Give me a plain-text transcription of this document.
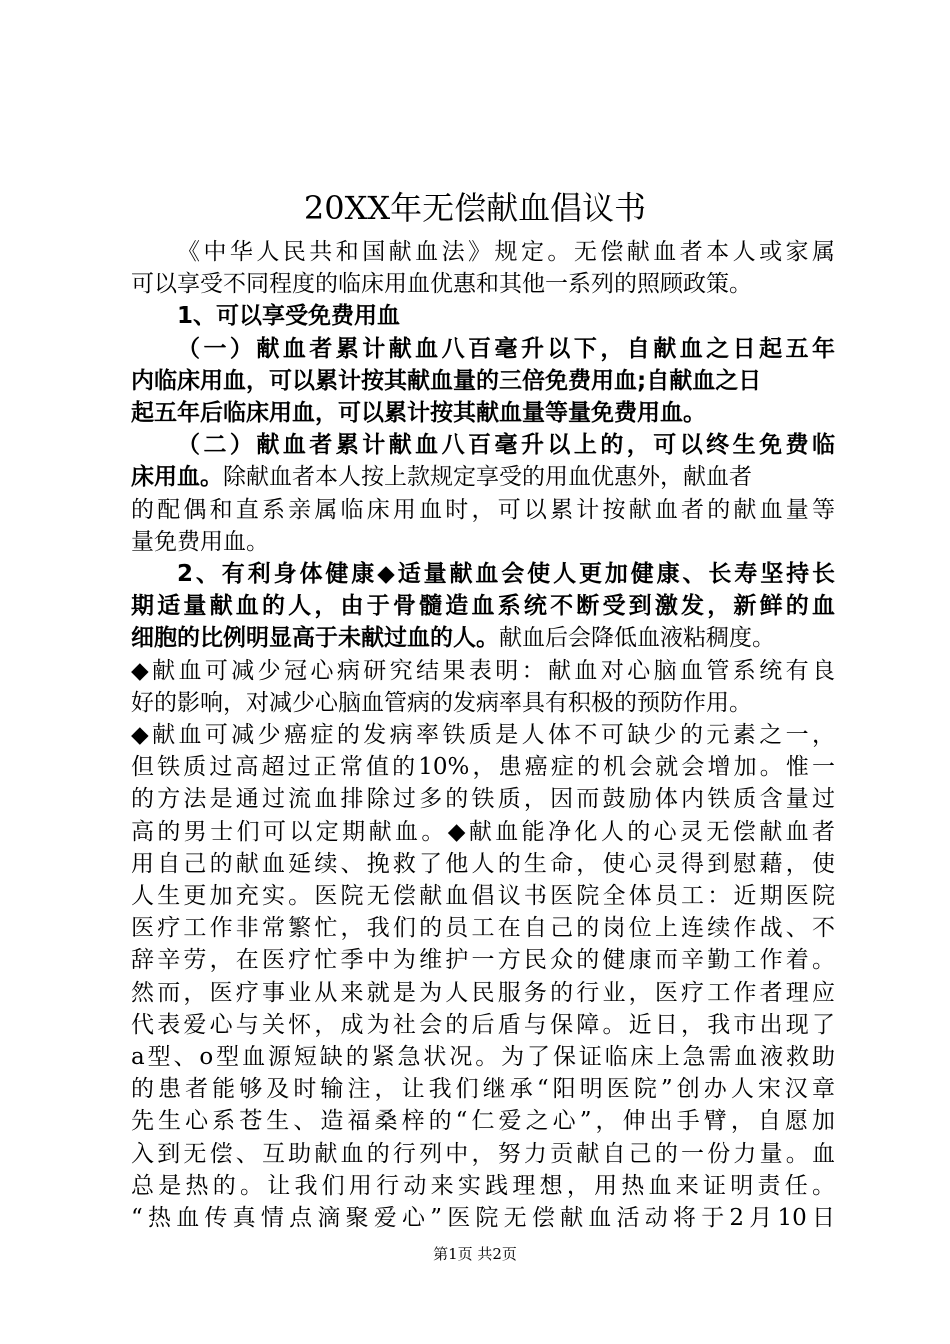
20XX年无偿献血倡议书
《中华人民共和国献血法》规定。无偿献血者本人或家属
可以享受不同程度的临床用血优惠和其他一系列的照顾政策。
1、可以享受免费用血
（一）献血者累计献血八百毫升以下，自献血之日起五年
内临床用血，可以累计按其献血量的三倍免费用血;自献血之日
起五年后临床用血，可以累计按其献血量等量免费用血。
（二）献血者累计献血八百毫升以上的，可以终生免费临
床用血。除献血者本人按上款规定享受的用血优惠外，献血者
的配偶和直系亲属临床用血时，可以累计按献血者的献血量等
量免费用血。
2、有利身体健康◆适量献血会使人更加健康、长寿坚持长
期适量献血的人，由于骨髓造血系统不断受到激发，新鲜的血
细胞的比例明显高于未献过血的人。献血后会降低血液粘稠度。
◆献血可减少冠心病研究结果表明：献血对心脑血管系统有良
好的影响，对减少心脑血管病的发病率具有积极的预防作用。
◆献血可减少癌症的发病率铁质是人体不可缺少的元素之一，
但铁质过高超过正常值的10%，患癌症的机会就会增加。惟一
的方法是通过流血排除过多的铁质，因而鼓励体内铁质含量过
高的男士们可以定期献血。◆献血能净化人的心灵无偿献血者
用自己的献血延续、挽救了他人的生命，使心灵得到慰藉，使
人生更加充实。医院无偿献血倡议书医院全体员工：近期医院
医疗工作非常繁忙，我们的员工在自己的岗位上连续作战、不
辞辛劳，在医疗忙季中为维护一方民众的健康而辛勤工作着。
然而，医疗事业从来就是为人民服务的行业，医疗工作者理应
代表爱心与关怀，成为社会的后盾与保障。近日，我市出现了
a型、o型血源短缺的紧急状况。为了保证临床上急需血液救助
的患者能够及时输注，让我们继承“阳明医院”创办人宋汉章
先生心系苍生、造福桑梓的“仁爱之心”，伸出手臂，自愿加
入到无偿、互助献血的行列中，努力贡献自己的一份力量。血
总是热的。让我们用行动来实践理想，用热血来证明责任。
“热血传真情点滴聚爱心”医院无偿献血活动将于2月10日
第1页 共2页
